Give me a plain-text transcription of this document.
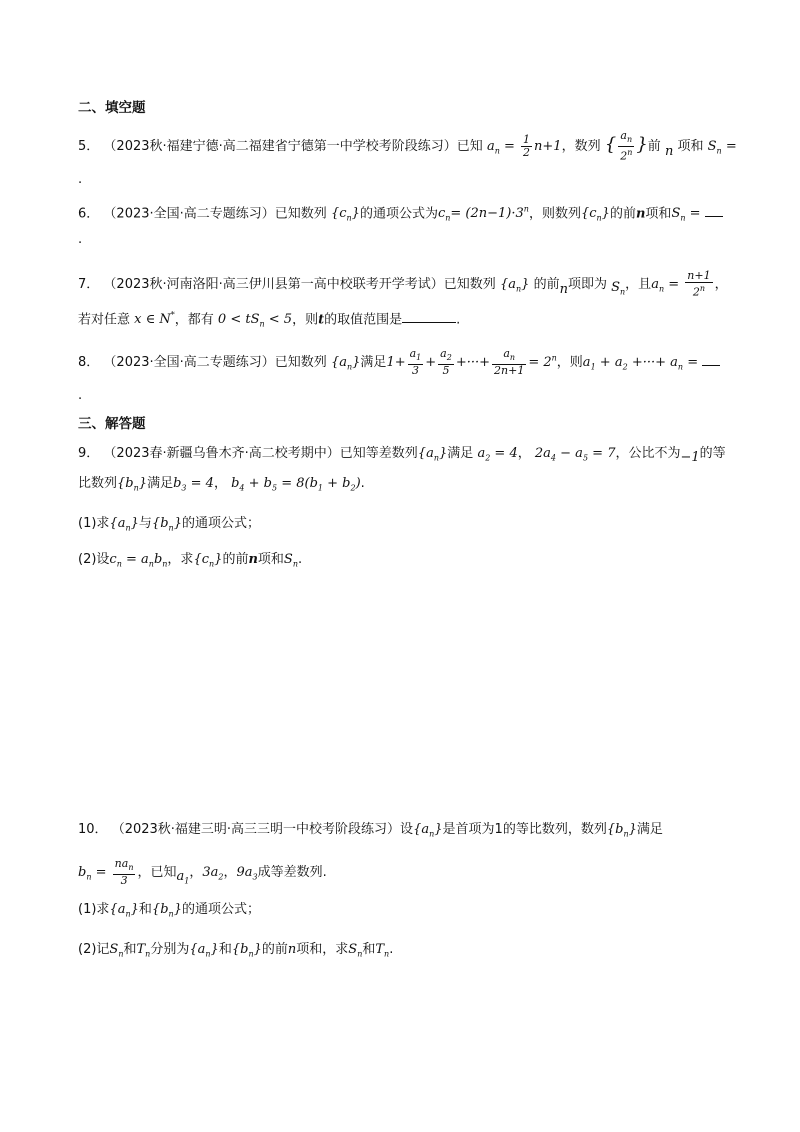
二、填空题
5． （2023秋·福建宁德·高二福建省宁德第一中学校考阶段练习）已知 $a_n = \frac{1}{2} n+1$，数列 { $\frac{a_n}{2^n}$ }前 n 项和 $S_n$ =
.
6． （2023·全国·高二专题练习）已知数列 $\{c_n\}$的通项公式为$c_n= (2n-1)\cdot 3^n$，则数列$\{c_n\}$的前n项和$S_n$ =
.
7． （2023秋·河南洛阳·高三伊川县第一高中校联考开学考试）已知数列 $\{a_n\}$ 的前n项即为 $S_n$，且$a_n = \frac{n+1}{2^n}$ ，
若对任意 x ∈ N*，都有 $0 < tS_n < 5$，则t的取值范围是	.
8． （2023·全国·高二专题练习）已知数列 $\{a_n\}$满足$1+ \frac{a_1}{3} + \frac{a_2}{5}$ +···+ $\frac{a_n}{2n+1} = 2^n$，则$a_1 + a_2$ +···+ $a_n$ =
.
三、解答题
9． （2023春·新疆乌鲁木齐·高二校考期中）已知等差数列$\{a_n\}$满足 $a_2 = 4$， $2a_4 - a_5 = 7$，公比不为−1的等
比数列$\{b_n\}$满足$b_3 = 4$， $b_4 + b_5 = 8(b_1 + b_2)$.
(1)求$\{a_n\}$与$\{b_n\}$的通项公式；
(2)设$c_n = a_nb_n$，求$\{c_n\}$的前n项和$S_n$.
10． （2023秋·福建三明·高三三明一中校考阶段练习）设$\{a_n\}$是首项为1的等比数列，数列$\{b_n\}$满足
$b_n = \frac{na_n}{3}$ ，已知$a_1$，$3a_2$，$9a_3$成等差数列.
(1)求$\{a_n\}$和$\{b_n\}$的通项公式；
(2)记$S_n$和$T_n$分别为$\{a_n\}$和$\{b_n\}$的前n项和，求$S_n$和$T_n$.
